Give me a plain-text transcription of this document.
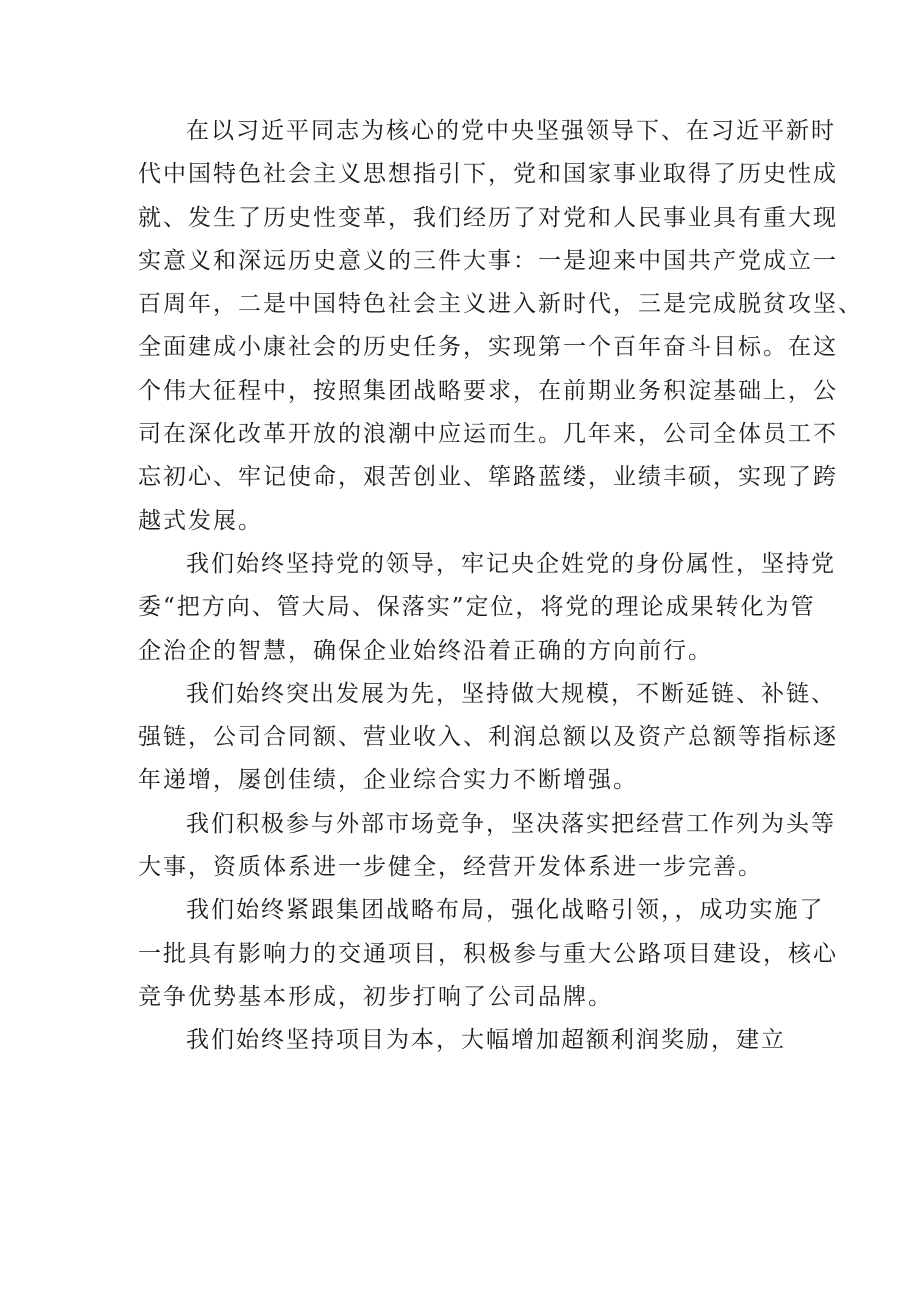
在以习近平同志为核心的党中央坚强领导下、在习近平新时
代中国特色社会主义思想指引下，党和国家事业取得了历史性成
就、发生了历史性变革，我们经历了对党和人民事业具有重大现
实意义和深远历史意义的三件大事：一是迎来中国共产党成立一
百周年，二是中国特色社会主义进入新时代，三是完成脱贫攻坚、
全面建成小康社会的历史任务，实现第一个百年奋斗目标。在这
个伟大征程中，按照集团战略要求，在前期业务积淀基础上，公
司在深化改革开放的浪潮中应运而生。几年来，公司全体员工不
忘初心、牢记使命，艰苦创业、筚路蓝缕，业绩丰硕，实现了跨
越式发展。
我们始终坚持党的领导，牢记央企姓党的身份属性，坚持党
委“把方向、管大局、保落实”定位，将党的理论成果转化为管
企治企的智慧，确保企业始终沿着正确的方向前行。
我们始终突出发展为先，坚持做大规模，不断延链、补链、
强链，公司合同额、营业收入、利润总额以及资产总额等指标逐
年递增，屡创佳绩，企业综合实力不断增强。
我们积极参与外部市场竞争，坚决落实把经营工作列为头等
大事，资质体系进一步健全，经营开发体系进一步完善。
我们始终紧跟集团战略布局，强化战略引领，，成功实施了
一批具有影响力的交通项目，积极参与重大公路项目建设，核心
竞争优势基本形成，初步打响了公司品牌。
我们始终坚持项目为本，大幅增加超额利润奖励，建立
